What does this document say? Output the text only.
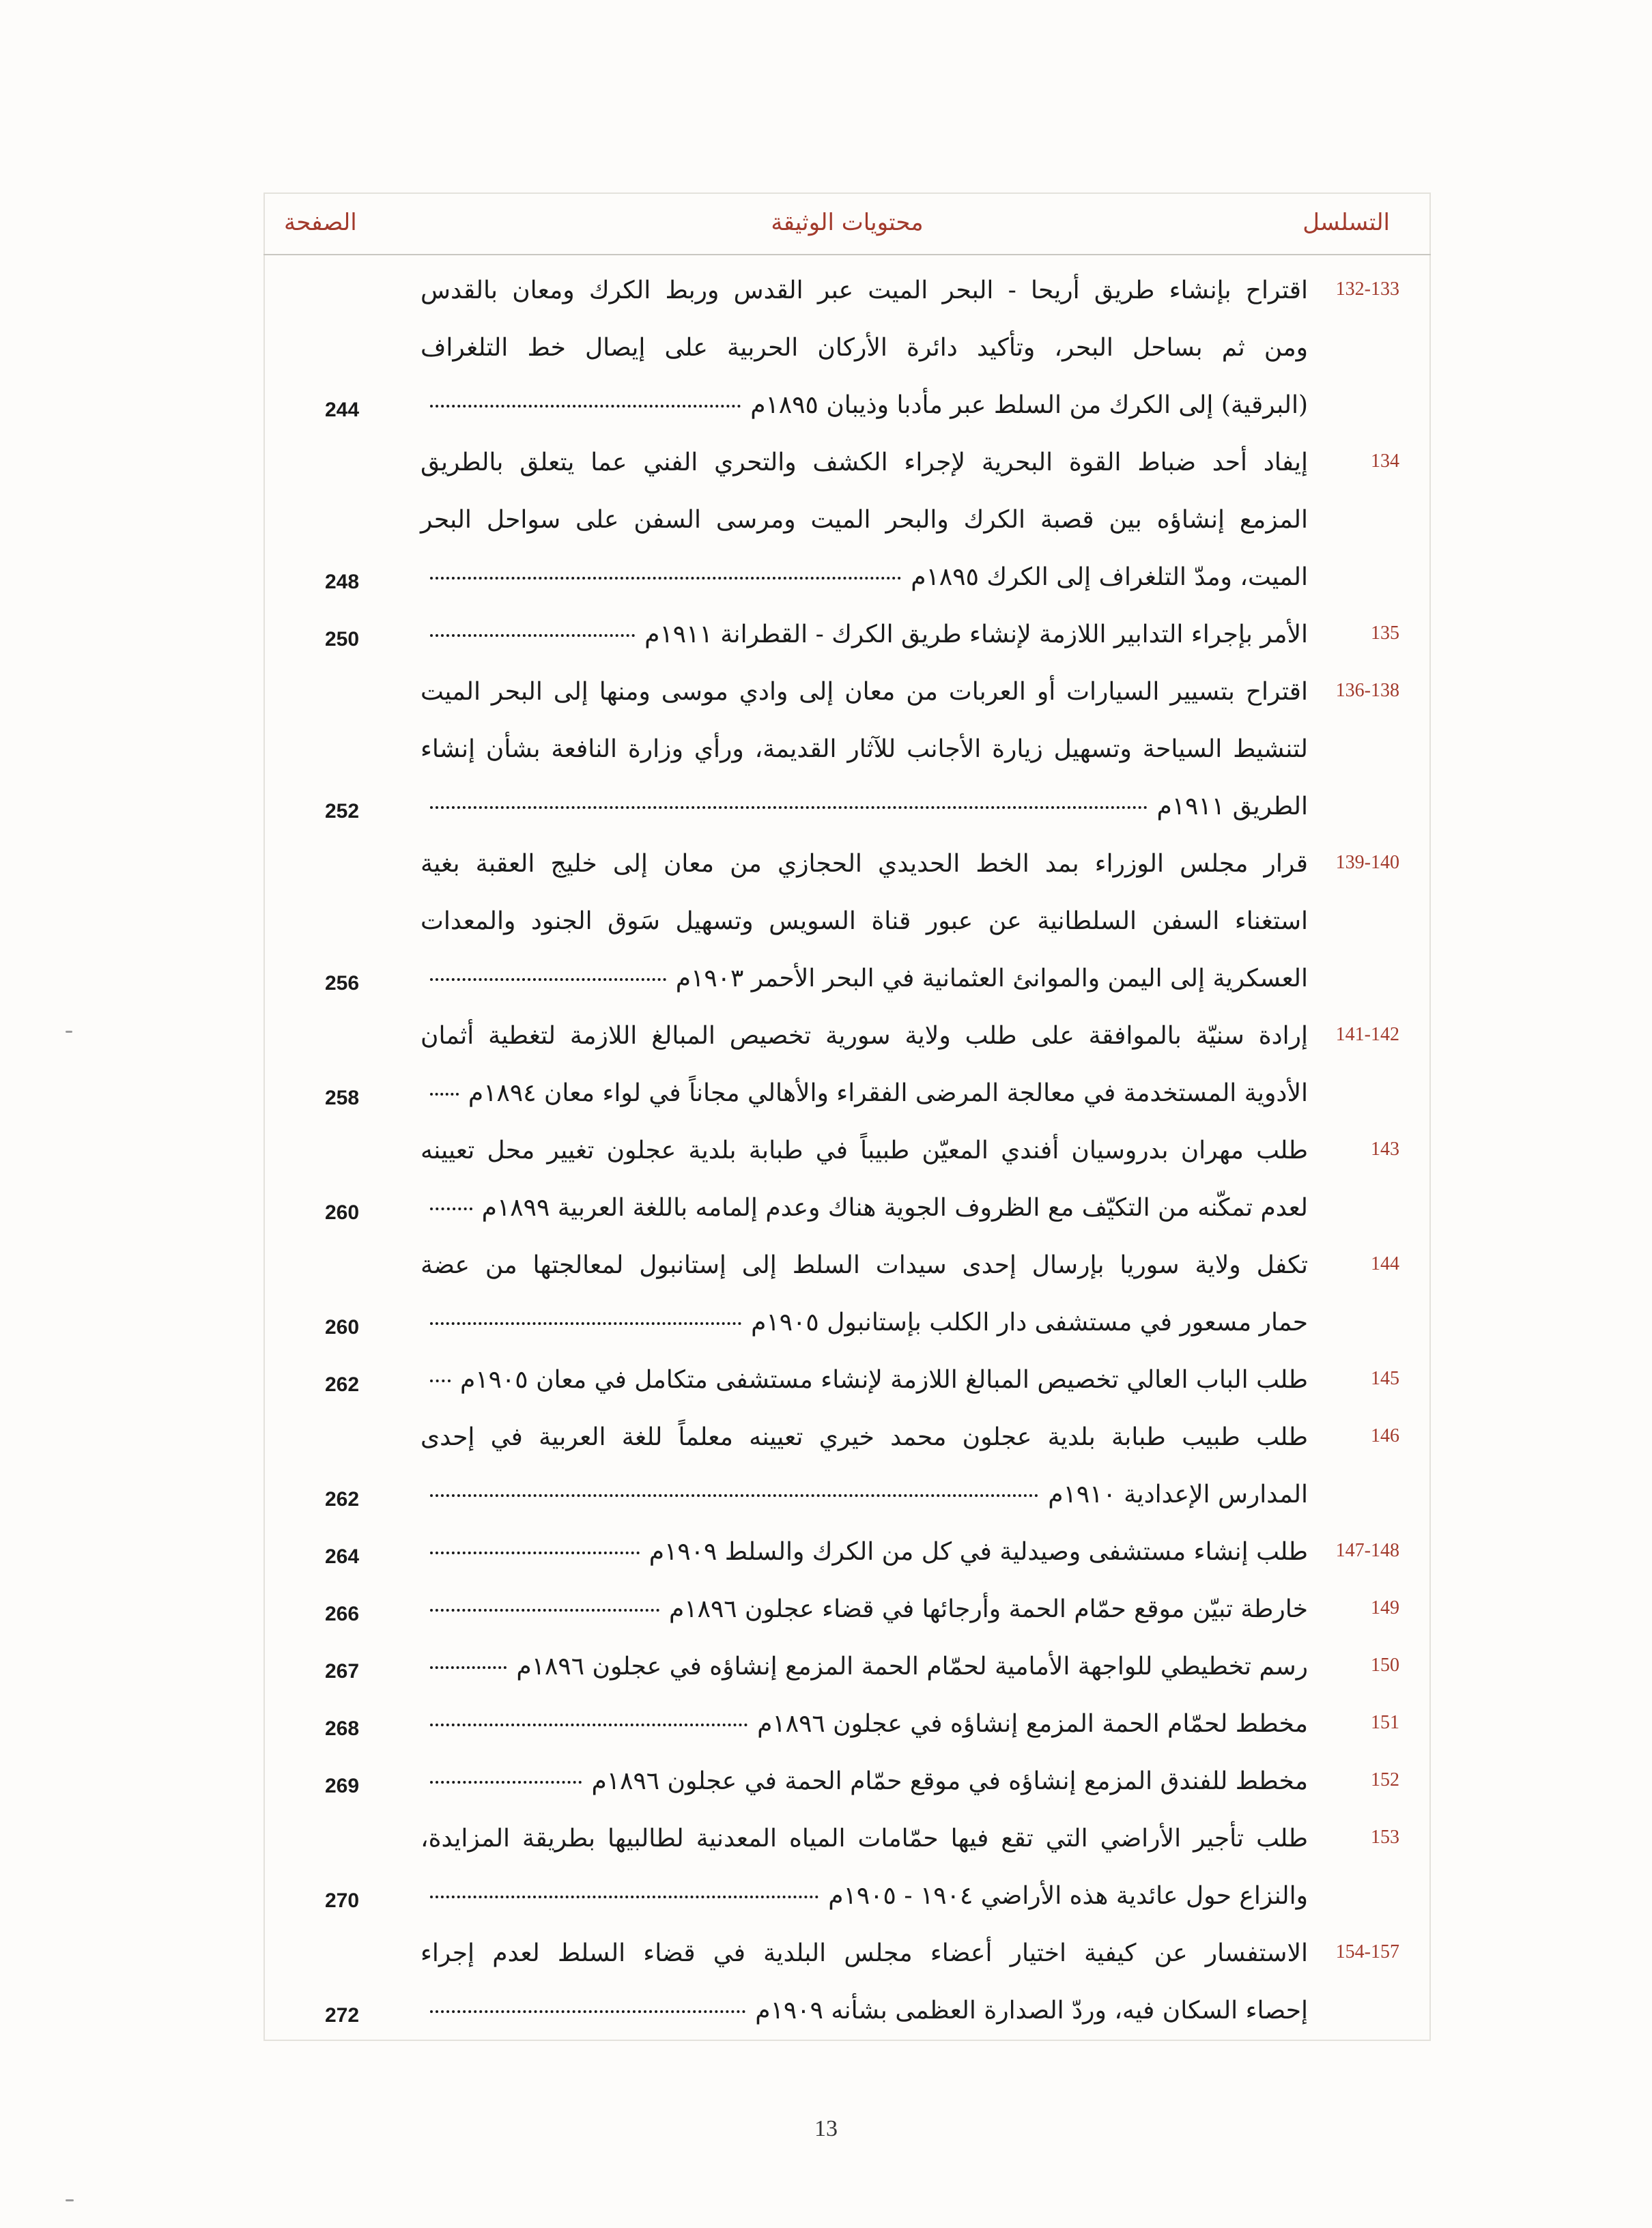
التسلسل
محتويات الوثيقة
الصفحة
132-133
اقتراح بإنشاء طريق أريحا - البحر الميت عبر القدس وربط الكرك ومعان بالقدس
ومن ثم بساحل البحر، وتأكيد دائرة الأركان الحربية على إيصال خط التلغراف
(البرقية) إلى الكرك من السلط عبر مأدبا وذيبان ١٨٩٥م
244
134
إيفاد أحد ضباط القوة البحرية لإجراء الكشف والتحري الفني عما يتعلق بالطريق
المزمع إنشاؤه بين قصبة الكرك والبحر الميت ومرسى السفن على سواحل البحر
الميت، ومدّ التلغراف إلى الكرك ١٨٩٥م
248
135
الأمر بإجراء التدابير اللازمة لإنشاء طريق الكرك - القطرانة ١٩١١م
250
136-138
اقتراح بتسيير السيارات أو العربات من معان إلى وادي موسى ومنها إلى البحر الميت
لتنشيط السياحة وتسهيل زيارة الأجانب للآثار القديمة، ورأي وزارة النافعة بشأن إنشاء
الطريق ١٩١١م
252
139-140
قرار مجلس الوزراء بمد الخط الحديدي الحجازي من معان إلى خليج العقبة بغية
استغناء السفن السلطانية عن عبور قناة السويس وتسهيل سَوق الجنود والمعدات
العسكرية إلى اليمن والموانئ العثمانية في البحر الأحمر ١٩٠٣م
256
141-142
إرادة سنيّة بالموافقة على طلب ولاية سورية تخصيص المبالغ اللازمة لتغطية أثمان
الأدوية المستخدمة في معالجة المرضى الفقراء والأهالي مجاناً في لواء معان ١٨٩٤م
258
143
طلب مهران بدروسيان أفندي المعيّن طبيباً في طبابة بلدية عجلون تغيير محل تعيينه
لعدم تمكّنه من التكيّف مع الظروف الجوية هناك وعدم إلمامه باللغة العربية ١٨٩٩م
260
144
تكفل ولاية سوريا بإرسال إحدى سيدات السلط إلى إستانبول لمعالجتها من عضة
حمار مسعور في مستشفى دار الكلب بإستانبول ١٩٠٥م
260
145
طلب الباب العالي تخصيص المبالغ اللازمة لإنشاء مستشفى متكامل في معان ١٩٠٥م
262
146
طلب طبيب طبابة بلدية عجلون محمد خيري تعيينه معلماً للغة العربية في إحدى
المدارس الإعدادية ١٩١٠م
262
147-148
طلب إنشاء مستشفى وصيدلية في كل من الكرك والسلط ١٩٠٩م
264
149
خارطة تبيّن موقع حمّام الحمة وأرجائها في قضاء عجلون ١٨٩٦م
266
150
رسم تخطيطي للواجهة الأمامية لحمّام الحمة المزمع إنشاؤه في عجلون ١٨٩٦م
267
151
مخطط لحمّام الحمة المزمع إنشاؤه في عجلون ١٨٩٦م
268
152
مخطط للفندق المزمع إنشاؤه في موقع حمّام الحمة في عجلون ١٨٩٦م
269
153
طلب تأجير الأراضي التي تقع فيها حمّامات المياه المعدنية لطالبيها بطريقة المزايدة،
والنزاع حول عائدية هذه الأراضي ١٩٠٤ - ١٩٠٥م
270
154-157
الاستفسار عن كيفية اختيار أعضاء مجلس البلدية في قضاء السلط لعدم إجراء
إحصاء السكان فيه، وردّ الصدارة العظمى بشأنه ١٩٠٩م
272
13
